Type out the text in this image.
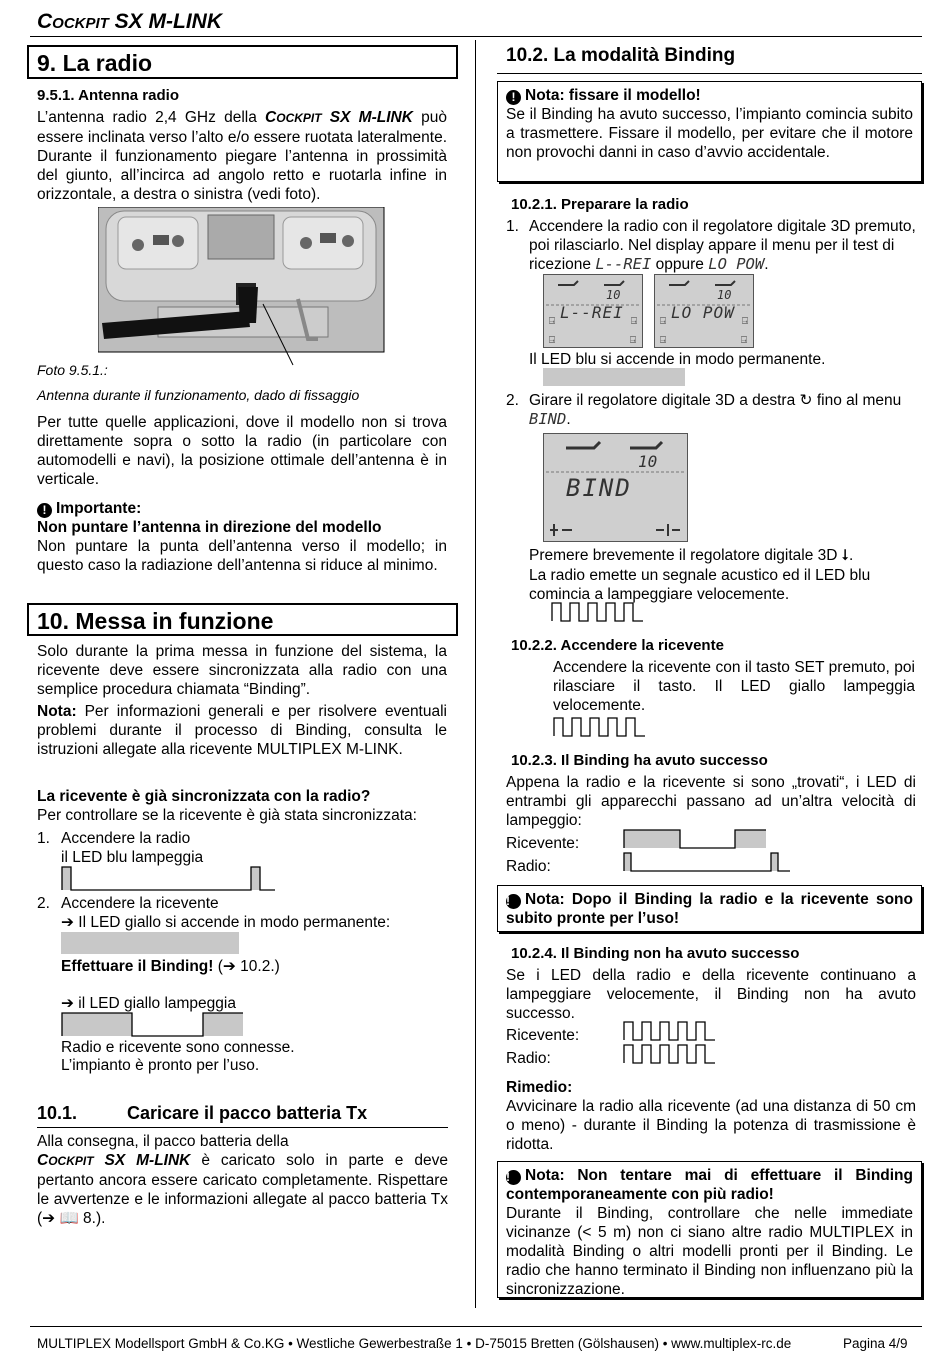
COCKPIT SX M-LINK
9. La radio
9.5.1. Antenna radio

L’antenna radio 2,4 GHz della COCKPIT SX M-LINK può essere inclinata verso l’alto e/o essere ruotata lateralmente. Durante il funzionamento piegare l’antenna in prossimità del giunto, all’incirca ad angolo retto e ruotarla infine in orizzontale, a destra o sinistra (vedi foto).

Foto 9.5.1.:

Antenna durante il funzionamento, dado di fissaggio

Per tutte quelle applicazioni, dove il modello non si trova direttamente sopra o sotto la radio (in particolare con automodelli e navi), la posizione ottimale dell’antenna è in verticale.

! Importante:

Non puntare l’antenna in direzione del modello

Non puntare la punta dell’antenna verso il modello; in questo caso la radiazione dell’antenna si riduce al minimo.

10. Messa in funzione

Solo durante la prima messa in funzione del sistema, la ricevente deve essere sincronizzata alla radio con una semplice procedura chiamata “Binding”.

Nota: Per informazioni generali e per risolvere eventuali problemi durante il processo di Binding, consulta le istruzioni allegate alla ricevente MULTIPLEX M-LINK.

La ricevente è già sincronizzata con la radio?

Per controllare se la ricevente è già stata sincronizzata:

1. Accendere la radio

il LED blu lampeggia

2. Accendere la ricevente

➔ Il LED giallo si accende in modo permanente:

Effettuare il Binding! (➔ 10.2.)

➔ il LED giallo lampeggia

Radio e ricevente sono connesse.

L’impianto è pronto per l’uso.

10.1.	Caricare il pacco batteria Tx

Alla consegna, il pacco batteria della

COCKPIT SX M-LINK è caricato solo in parte e deve pertanto ancora essere caricato completamente. Rispettare le avvertenze e le informazioni allegate al pacco batteria Tx (➔ 📖 8.).

10.2. La modalità Binding

! Nota: fissare il modello!

Se il Binding ha avuto successo, l’impianto comincia subito a trasmettere. Fissare il modello, per evitare che il motore non provochi danni in caso d’avvio accidentale.

10.2.1. Preparare la radio

1. Accendere la radio con il regolatore digitale 3D premuto, poi rilasciarlo. Nel display appare il menu per il test di ricezione L--REI oppure LO POW.

⍈	⍈
⍈	⍈
10
L--REI	⍈	⍈
⍈	⍈
10
LO POW

Il LED blu si accende in modo permanente.

2. Girare il regolatore digitale 3D a destra ↻ fino al menu BIND.

10
BIND

Premere brevemente il regolatore digitale 3D ⭣.

La radio emette un segnale acustico ed il LED blu comincia a lampeggiare velocemente.

10.2.2. Accendere la ricevente

Accendere la ricevente con il tasto SET premuto, poi rilasciare il tasto. Il LED giallo lampeggia velocemente.

10.2.3. Il Binding ha avuto successo

Appena la radio e la ricevente si sono „trovati“, i LED di entrambi gli apparecchi passano ad un’altra velocità di lampeggio:

Ricevente:

Radio:

! Nota: Dopo il Binding la radio e la ricevente sono subito pronte per l’uso!

10.2.4. Il Binding non ha avuto successo

Se i LED della radio e della ricevente continuano a lampeggiare velocemente, il Binding non ha avuto successo.

Ricevente:

Radio:

Rimedio:

Avvicinare la radio alla ricevente (ad una distanza di 50 cm o meno) - durante il Binding la potenza di trasmissione è ridotta.

! Nota: Non tentare mai di effettuare il Binding contemporaneamente con più radio!

Durante il Binding, controllare che nelle immediate vicinanze (< 5 m) non ci siano altre radio MULTIPLEX in modalità Binding o altri modelli pronti per il Binding. Le radio che hanno terminato il Binding non influenzano più la sincronizzazione.

MULTIPLEX Modellsport GmbH & Co.KG • Westliche Gewerbestraße 1 • D-75015 Bretten (Gölshausen) • www.multiplex-rc.de	Pagina 4/9
